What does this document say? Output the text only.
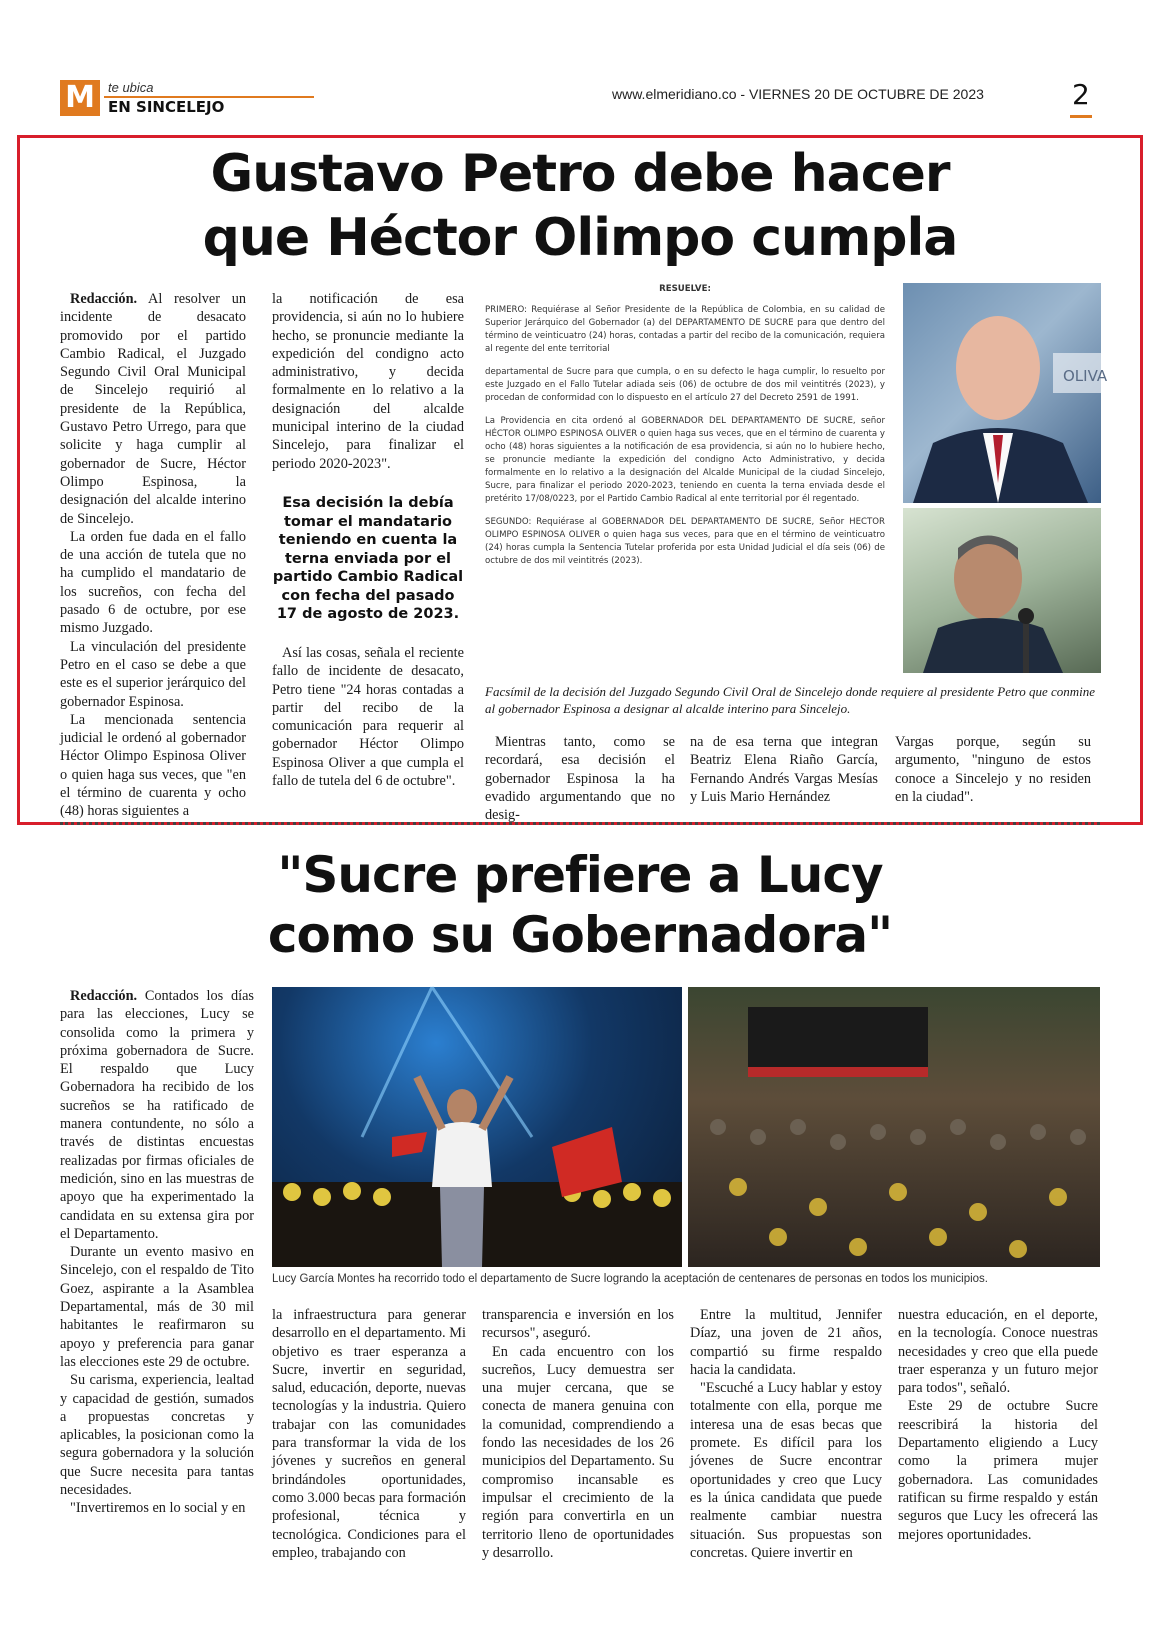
M	te ubica
EN SINCELEJO
www.elmeridiano.co - VIERNES 20 DE OCTUBRE DE 2023	2
Gustavo Petro debe hacer
que Héctor Olimpo cumpla

Redacción. Al resolver un incidente de desacato promovido por el partido Cambio Radical, el Juzgado Segundo Civil Oral Municipal de Sincelejo requirió al presidente de la República, Gustavo Petro Urrego, para que solicite y haga cumplir al gobernador de Sucre, Héctor Olimpo Espinosa, la designación del alcalde interino de Sincelejo.

La orden fue dada en el fallo de una acción de tutela que no ha cumplido el mandatario de los sucreños, con fecha del pasado 6 de octubre, por ese mismo Juzgado.

La vinculación del presidente Petro en el caso se debe a que este es el superior jerárquico del gobernador Espinosa.

La mencionada sentencia judicial le ordenó al gobernador Héctor Olimpo Espinosa Oliver o quien haga sus veces, que "en el término de cuarenta y ocho (48) horas siguientes a

la notificación de esa providencia, si aún no lo hubiere hecho, se pronuncie mediante la expedición del condigno acto administrativo, y decida formalmente en lo relativo a la designación del alcalde municipal interino de la ciudad Sincelejo, para finalizar el periodo 2020-2023".

Esa decisión la debía tomar el mandatario teniendo en cuenta la terna enviada por el partido Cambio Radical con fecha del pasado 17 de agosto de 2023.

Así las cosas, señala el reciente fallo de incidente de desacato, Petro tiene "24 horas contadas a partir del recibo de la comunicación para requerir al gobernador Héctor Olimpo Espinosa Oliver a que cumpla el fallo de tutela del 6 de octubre".

RESUELVE:

PRIMERO: Requiérase al Señor Presidente de la República de Colombia, en su calidad de Superior Jerárquico del Gobernador (a) del DEPARTAMENTO DE SUCRE para que dentro del término de veinticuatro (24) horas, contadas a partir del recibo de la comunicación, requiera al regente del ente territorial

departamental de Sucre para que cumpla, o en su defecto le haga cumplir, lo resuelto por este Juzgado en el Fallo Tutelar adiada seis (06) de octubre de dos mil veintitrés (2023), y procedan de conformidad con lo dispuesto en el artículo 27 del Decreto 2591 de 1991.

La Providencia en cita ordenó al GOBERNADOR DEL DEPARTAMENTO DE SUCRE, señor HÉCTOR OLIMPO ESPINOSA OLIVER o quien haga sus veces, que en el término de cuarenta y ocho (48) horas siguientes a la notificación de esa providencia, si aún no lo hubiere hecho, se pronuncie mediante la expedición del condigno Acto Administrativo, y decida formalmente en lo relativo a la designación del Alcalde Municipal de la ciudad Sincelejo, Sucre, para finalizar el periodo 2020-2023, teniendo en cuenta la terna enviada desde el pretérito 17/08/0223, por el Partido Cambio Radical al ente territorial por él regentado.

SEGUNDO: Requiérase al GOBERNADOR DEL DEPARTAMENTO DE SUCRE, Señor HECTOR OLIMPO ESPINOSA OLIVER o quien haga sus veces, para que en el término de veinticuatro (24) horas cumpla la Sentencia Tutelar proferida por esta Unidad Judicial el día seis (06) de octubre de dos mil veintitrés (2023).

OLIVA
Facsímil de la decisión del Juzgado Segundo Civil Oral de Sincelejo donde requiere al presidente Petro que conmine al gobernador Espinosa a designar al alcalde interino para Sincelejo.

Mientras tanto, como se recordará, esa decisión el gobernador Espinosa la ha evadido argumentando que no desig-

na de esa terna que integran Beatriz Elena Riaño García, Fernando Andrés Vargas Mesías y Luis Mario Hernández

Vargas porque, según su argumento, "ninguno de estos conoce a Sincelejo y no residen en la ciudad".

"Sucre prefiere a Lucy
como su Gobernadora"

Redacción. Contados los días para las elecciones, Lucy se consolida como la primera y próxima gobernadora de Sucre. El respaldo que Lucy Gobernadora ha recibido de los sucreños se ha ratificado de manera contundente, no sólo a través de distintas encuestas realizadas por firmas oficiales de medición, sino en las muestras de apoyo que ha experimentado la candidata en su extensa gira por el Departamento.

Durante un evento masivo en Sincelejo, con el respaldo de Tito Goez, aspirante a la Asamblea Departamental, más de 30 mil habitantes le reafirmaron su apoyo y preferencia para ganar las elecciones este 29 de octubre.

Su carisma, experiencia, lealtad y capacidad de gestión, sumados a propuestas concretas y aplicables, la posicionan como la segura gobernadora y la solución que Sucre necesita para tantas necesidades.

"Invertiremos en lo social y en

Lucy García Montes ha recorrido todo el departamento de Sucre logrando la aceptación de centenares de personas en todos los municipios.

la infraestructura para generar desarrollo en el departamento. Mi objetivo es traer esperanza a Sucre, invertir en seguridad, salud, educación, deporte, nuevas tecnologías y la industria. Quiero trabajar con las comunidades para transformar la vida de los jóvenes y sucreños en general brindándoles oportunidades, como 3.000 becas para formación profesional, técnica y tecnológica. Condiciones para el empleo, trabajando con

transparencia e inversión en los recursos", aseguró.

En cada encuentro con los sucreños, Lucy demuestra ser una mujer cercana, que se conecta de manera genuina con la comunidad, comprendiendo a fondo las necesidades de los 26 municipios del Departamento. Su compromiso incansable es impulsar el crecimiento de la región para convertirla en un territorio lleno de oportunidades y desarrollo.

Entre la multitud, Jennifer Díaz, una joven de 21 años, compartió su firme respaldo hacia la candidata.

"Escuché a Lucy hablar y estoy totalmente con ella, porque me interesa una de esas becas que promete. Es difícil para los jóvenes de Sucre encontrar oportunidades y creo que Lucy es la única candidata que puede realmente cambiar nuestra situación. Sus propuestas son concretas. Quiere invertir en

nuestra educación, en el deporte, en la tecnología. Conoce nuestras necesidades y creo que ella puede traer esperanza y un futuro mejor para todos", señaló.

Este 29 de octubre Sucre reescribirá la historia del Departamento eligiendo a Lucy como la primera mujer gobernadora. Las comunidades ratifican su firme respaldo y están seguros que Lucy les ofrecerá las mejores oportunidades.
